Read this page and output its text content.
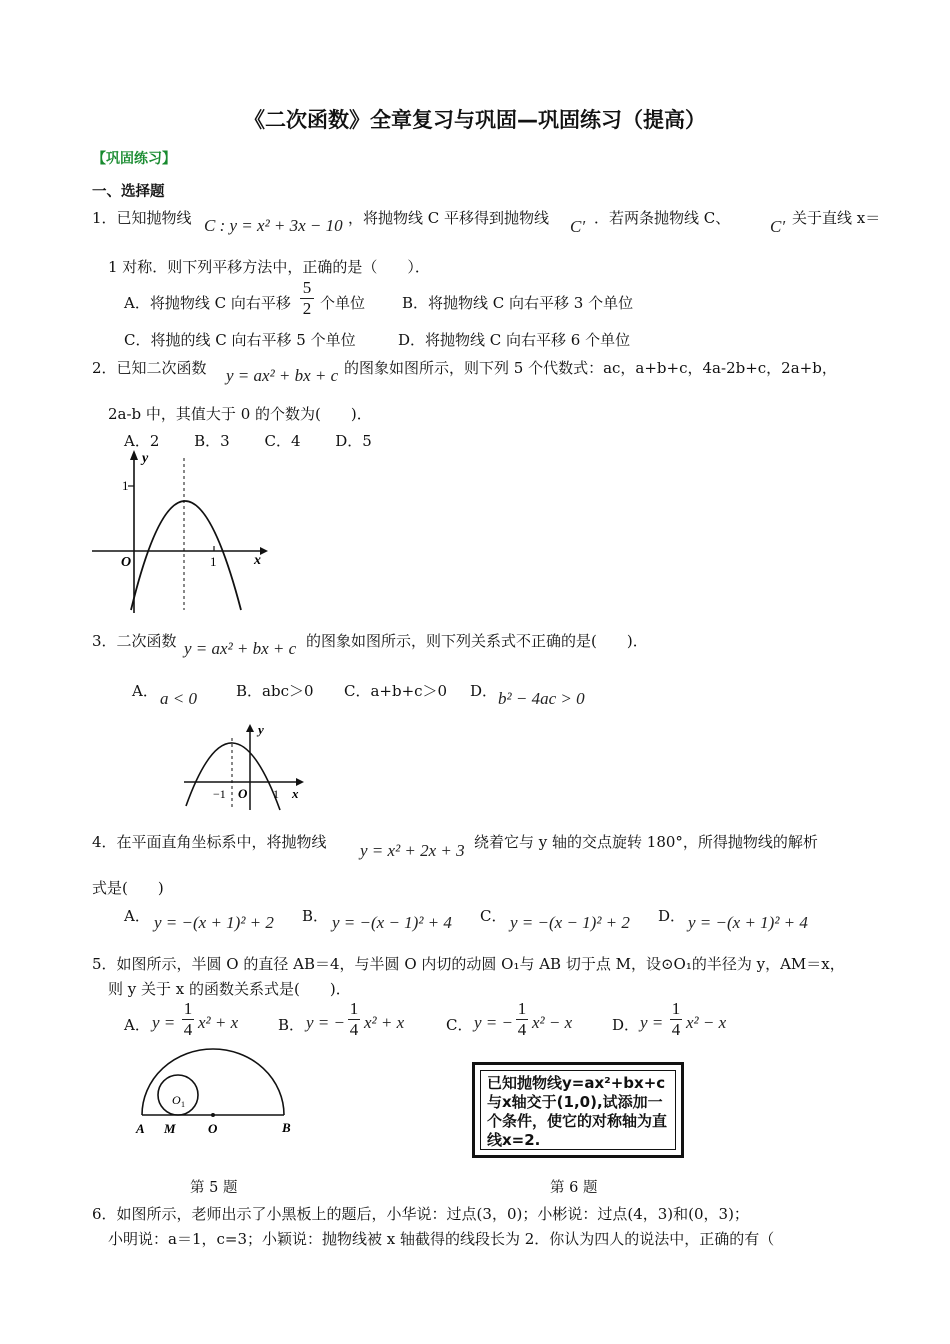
《二次函数》全章复习与巩固—巩固练习（提高）
【巩固练习】
一、选择题
1．已知抛物线 C : y = x² + 3x − 10 ，将抛物线 C 平移得到抛物线 C′ ．若两条抛物线 C、 C′ 关于直线 x＝
1 对称．则下列平移方法中，正确的是（　　）．
A．将抛物线 C 向右平移
5
2 个单位 B．将抛物线 C 向右平移 3 个单位
C．将抛的线 C 向右平移 5 个单位	D．将抛物线 C 向右平移 6 个单位
2．已知二次函数 y = ax² + bx + c 的图象如图所示，则下列 5 个代数式：ac，a+b+c，4a-2b+c，2a+b，
2a-b 中，其值大于 0 的个数为(　　)．
A．2　　 B．3　　 C．4　　 D．5
y
x
O
1
1
3．二次函数 y = ax² + bx + c 的图象如图所示，则下列关系式不正确的是(　　)．
A． a < 0	B．abc＞0 C．a+b+c＞0 D． b² − 4ac > 0
y
x
O
−1	1
4．在平面直角坐标系中，将抛物线 y = x² + 2x + 3 绕着它与 y 轴的交点旋转 180°，所得抛物线的解析
式是(　　)
A． y = −(x + 1)² + 2 B． y = −(x − 1)² + 4 C． y = −(x − 1)² + 2 D． y = −(x + 1)² + 4
5．如图所示，半圆 O 的直径 AB＝4，与半圆 O 内切的动圆 O₁与 AB 切于点 M，设⊙O₁的半径为 y，AM＝x，
则 y 关于 x 的函数关系式是(　　)．
A． y =
1
4 x² + x	B． y = −
1
4 x² + x	C． y = −
1
4 x² − x	D． y =
1
4 x² − x
A M O	B
O 1
第 5 题
已知抛物线y=ax²+bx+c与x轴交于(1,0),试添加一个条件，使它的对称轴为直线x=2.
第 6 题
6．如图所示，老师出示了小黑板上的题后，小华说：过点(3，0)；小彬说：过点(4，3)和(0，3)；
小明说：a＝1，c=3；小颖说：抛物线被 x 轴截得的线段长为 2．你认为四人的说法中，正确的有（
